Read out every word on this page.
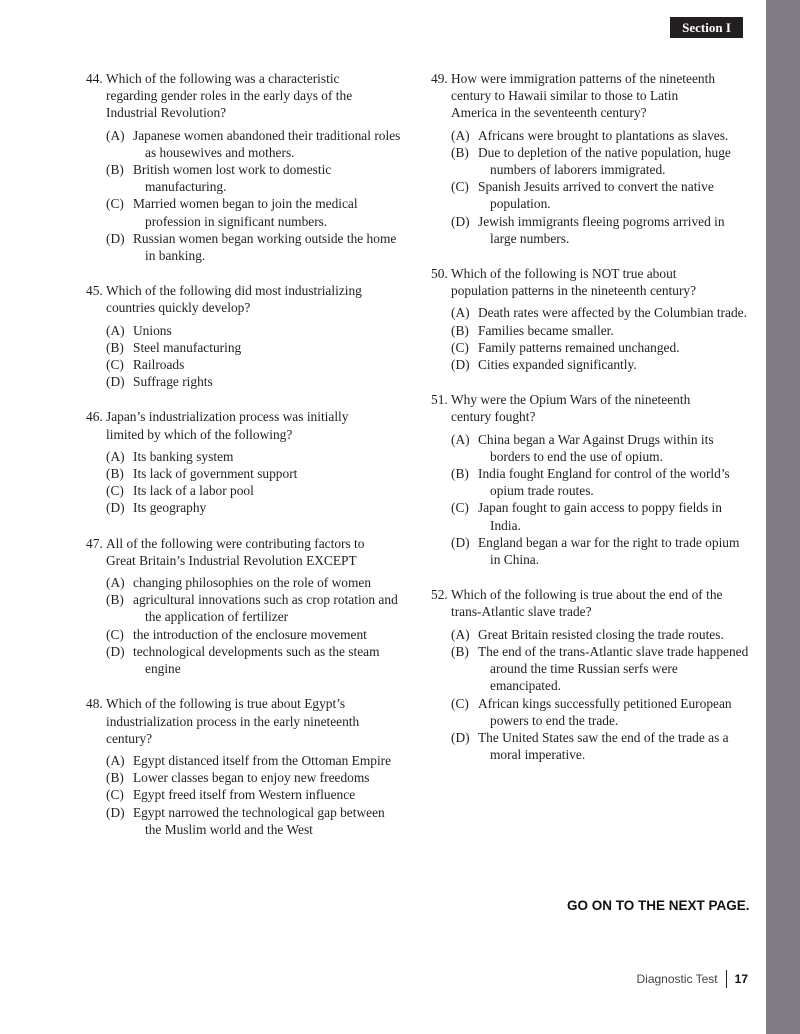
Section I
44. Which of the following was a characteristic regarding gender roles in the early days of the Industrial Revolution?
(A) Japanese women abandoned their traditional roles as housewives and mothers.
(B) British women lost work to domestic manufacturing.
(C) Married women began to join the medical profession in significant numbers.
(D) Russian women began working outside the home in banking.
45. Which of the following did most industrializing countries quickly develop?
(A) Unions
(B) Steel manufacturing
(C) Railroads
(D) Suffrage rights
46. Japan’s industrialization process was initially limited by which of the following?
(A) Its banking system
(B) Its lack of government support
(C) Its lack of a labor pool
(D) Its geography
47. All of the following were contributing factors to Great Britain’s Industrial Revolution EXCEPT
(A) changing philosophies on the role of women
(B) agricultural innovations such as crop rotation and the application of fertilizer
(C) the introduction of the enclosure movement
(D) technological developments such as the steam engine
48. Which of the following is true about Egypt’s industrialization process in the early nineteenth century?
(A) Egypt distanced itself from the Ottoman Empire
(B) Lower classes began to enjoy new freedoms
(C) Egypt freed itself from Western influence
(D) Egypt narrowed the technological gap between the Muslim world and the West
49. How were immigration patterns of the nineteenth century to Hawaii similar to those to Latin America in the seventeenth century?
(A) Africans were brought to plantations as slaves.
(B) Due to depletion of the native population, huge numbers of laborers immigrated.
(C) Spanish Jesuits arrived to convert the native population.
(D) Jewish immigrants fleeing pogroms arrived in large numbers.
50. Which of the following is NOT true about population patterns in the nineteenth century?
(A) Death rates were affected by the Columbian trade.
(B) Families became smaller.
(C) Family patterns remained unchanged.
(D) Cities expanded significantly.
51. Why were the Opium Wars of the nineteenth century fought?
(A) China began a War Against Drugs within its borders to end the use of opium.
(B) India fought England for control of the world’s opium trade routes.
(C) Japan fought to gain access to poppy fields in India.
(D) England began a war for the right to trade opium in China.
52. Which of the following is true about the end of the trans-Atlantic slave trade?
(A) Great Britain resisted closing the trade routes.
(B) The end of the trans-Atlantic slave trade happened around the time Russian serfs were emancipated.
(C) African kings successfully petitioned European powers to end the trade.
(D) The United States saw the end of the trade as a moral imperative.
GO ON TO THE NEXT PAGE.
Diagnostic Test 17
